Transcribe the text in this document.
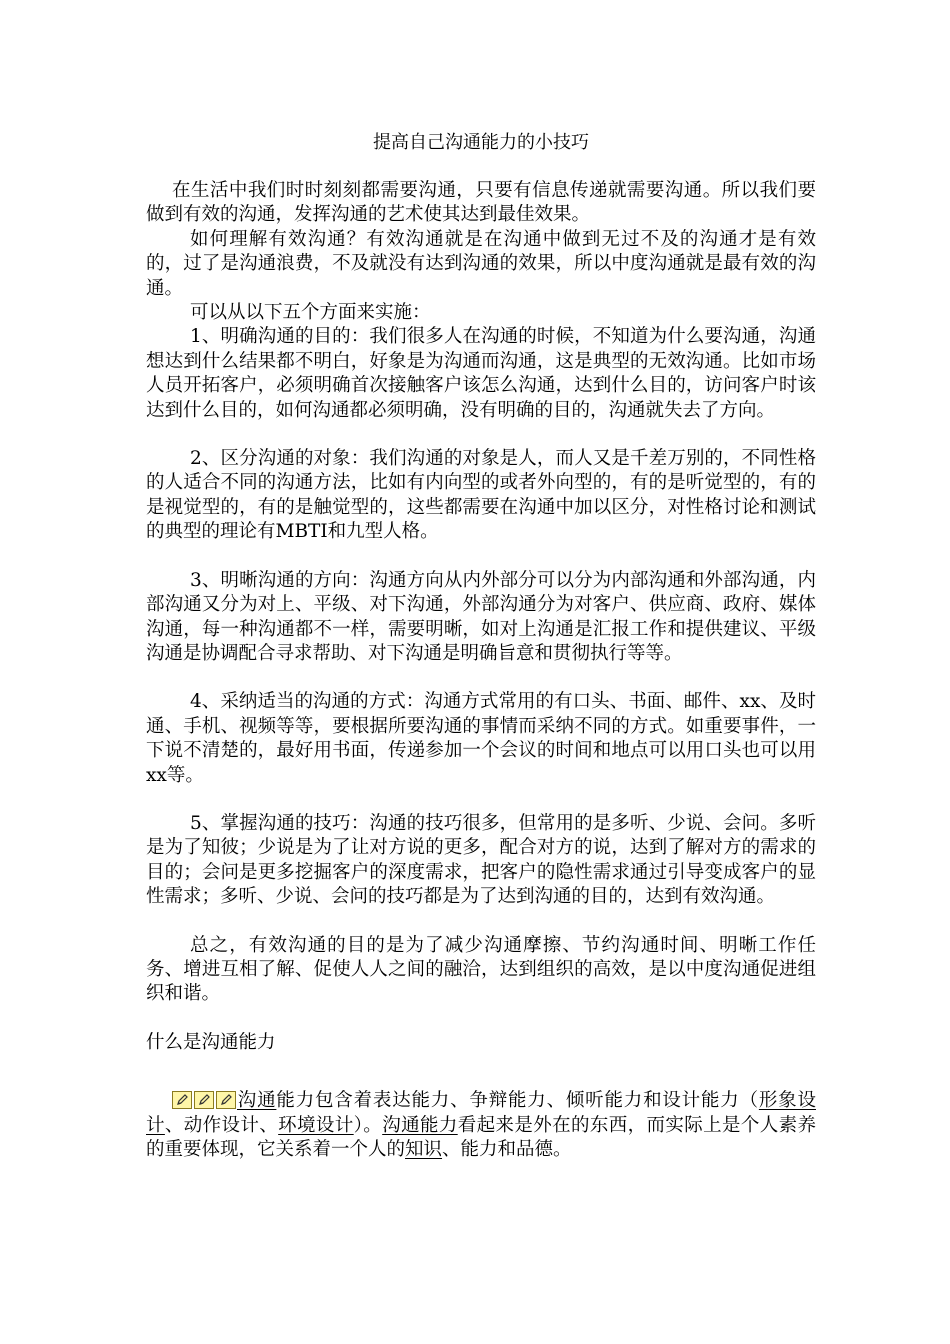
提高自己沟通能力的小技巧

在生活中我们时时刻刻都需要沟通，只要有信息传递就需要沟通。所以我们要做到有效的沟通，发挥沟通的艺术使其达到最佳效果。

如何理解有效沟通？有效沟通就是在沟通中做到无过不及的沟通才是有效的，过了是沟通浪费，不及就没有达到沟通的效果，所以中度沟通就是最有效的沟通。

可以从以下五个方面来实施：

1、明确沟通的目的：我们很多人在沟通的时候，不知道为什么要沟通，沟通想达到什么结果都不明白，好象是为沟通而沟通，这是典型的无效沟通。比如市场人员开拓客户，必须明确首次接触客户该怎么沟通，达到什么目的，访问客户时该达到什么目的，如何沟通都必须明确，没有明确的目的，沟通就失去了方向。

2、区分沟通的对象：我们沟通的对象是人，而人又是千差万别的，不同性格的人适合不同的沟通方法，比如有内向型的或者外向型的，有的是听觉型的，有的是视觉型的，有的是触觉型的，这些都需要在沟通中加以区分，对性格讨论和测试的典型的理论有MBTI和九型人格。

3、明晰沟通的方向：沟通方向从内外部分可以分为内部沟通和外部沟通，内部沟通又分为对上、平级、对下沟通，外部沟通分为对客户、供应商、政府、媒体沟通，每一种沟通都不一样，需要明晰，如对上沟通是汇报工作和提供建议、平级沟通是协调配合寻求帮助、对下沟通是明确旨意和贯彻执行等等。

4、采纳适当的沟通的方式：沟通方式常用的有口头、书面、邮件、xx、及时通、手机、视频等等，要根据所要沟通的事情而采纳不同的方式。如重要事件，一下说不清楚的，最好用书面，传递参加一个会议的时间和地点可以用口头也可以用xx等。

5、掌握沟通的技巧：沟通的技巧很多，但常用的是多听、少说、会问。多听是为了知彼；少说是为了让对方说的更多，配合对方的说，达到了解对方的需求的目的；会问是更多挖掘客户的深度需求，把客户的隐性需求通过引导变成客户的显性需求；多听、少说、会问的技巧都是为了达到沟通的目的，达到有效沟通。

总之，有效沟通的目的是为了减少沟通摩擦、节约沟通时间、明晰工作任务、增进互相了解、促使人人之间的融洽，达到组织的高效，是以中度沟通促进组织和谐。

什么是沟通能力

沟通能力包含着表达能力、争辩能力、倾听能力和设计能力（形象设计、动作设计、环境设计）。沟通能力看起来是外在的东西，而实际上是个人素养的重要体现，它关系着一个人的知识、能力和品德。
